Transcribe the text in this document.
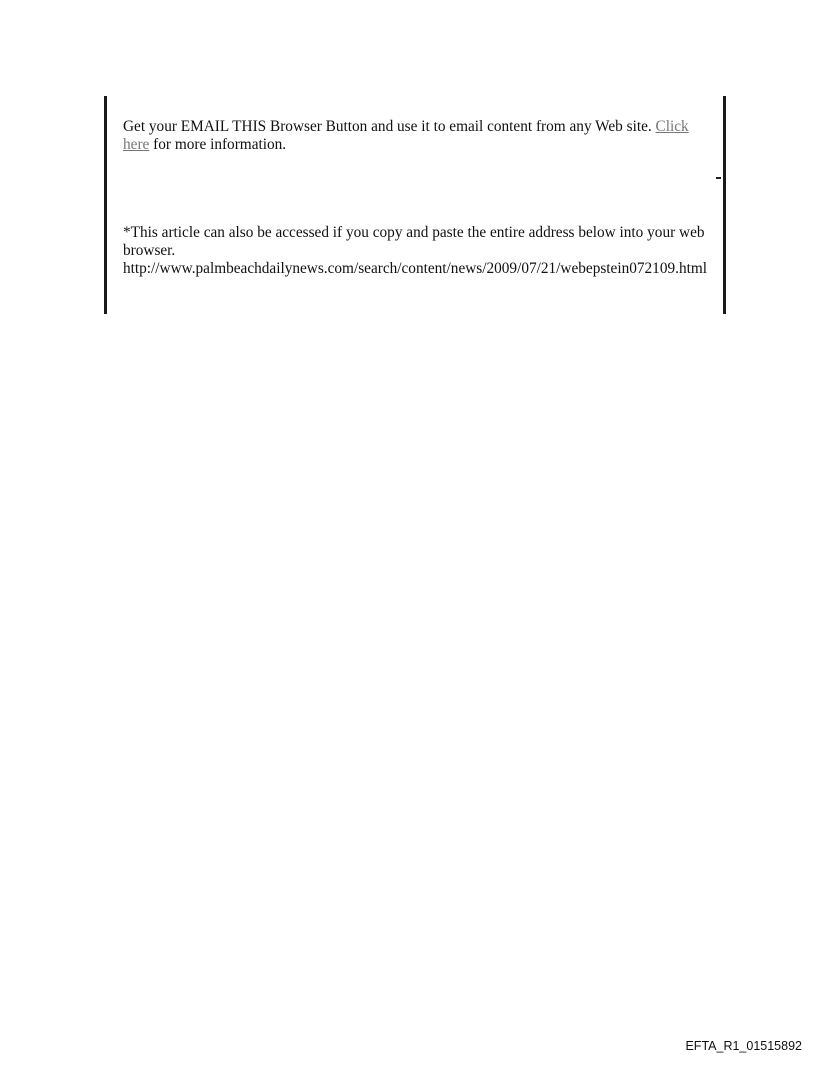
Get your EMAIL THIS Browser Button and use it to email content from any Web site. Click
here for more information.

*This article can also be accessed if you copy and paste the entire address below into your web
browser.
http://www.palmbeachdailynews.com/search/content/news/2009/07/21/webepstein072109.html

EFTA_R1_01515892
